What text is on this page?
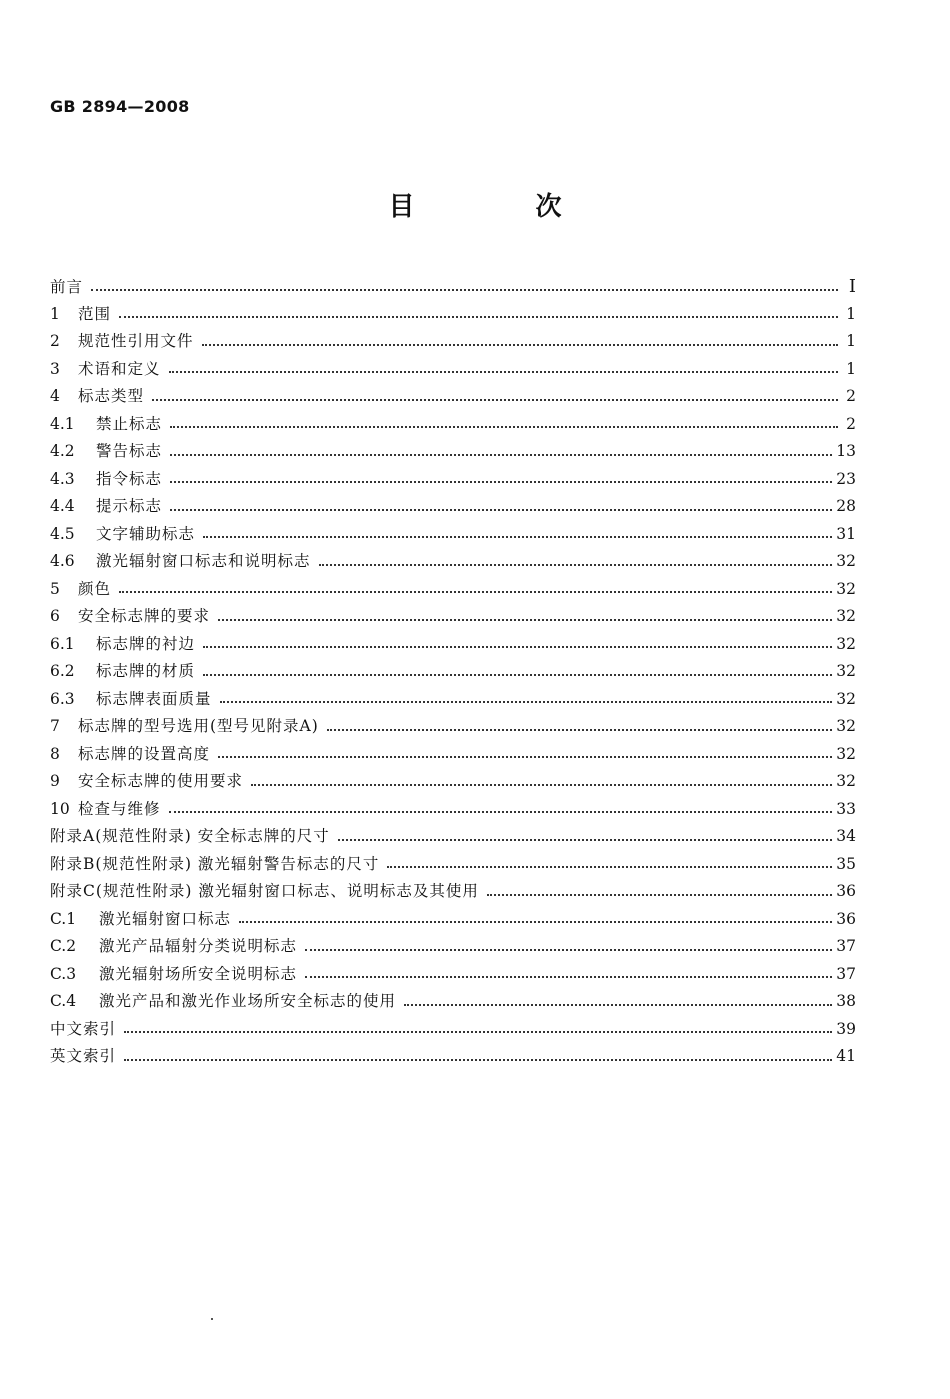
GB 2894—2008
目 次
前言	I
1	范围	1
2	规范性引用文件	1
3	术语和定义	1
4	标志类型	2
4.1	禁止标志	2
4.2	警告标志	13
4.3	指令标志	23
4.4	提示标志	28
4.5	文字辅助标志	31
4.6	激光辐射窗口标志和说明标志	32
5	颜色	32
6	安全标志牌的要求	32
6.1	标志牌的衬边	32
6.2	标志牌的材质	32
6.3	标志牌表面质量	32
7	标志牌的型号选用(型号见附录A)	32
8	标志牌的设置高度	32
9	安全标志牌的使用要求	32
10 检查与维修	33
附录A(规范性附录) 安全标志牌的尺寸	34
附录B(规范性附录) 激光辐射警告标志的尺寸	35
附录C(规范性附录) 激光辐射窗口标志、说明标志及其使用	36
C.1	激光辐射窗口标志	36
C.2	激光产品辐射分类说明标志	37
C.3	激光辐射场所安全说明标志	37
C.4	激光产品和激光作业场所安全标志的使用	38
中文索引	39
英文索引	41
